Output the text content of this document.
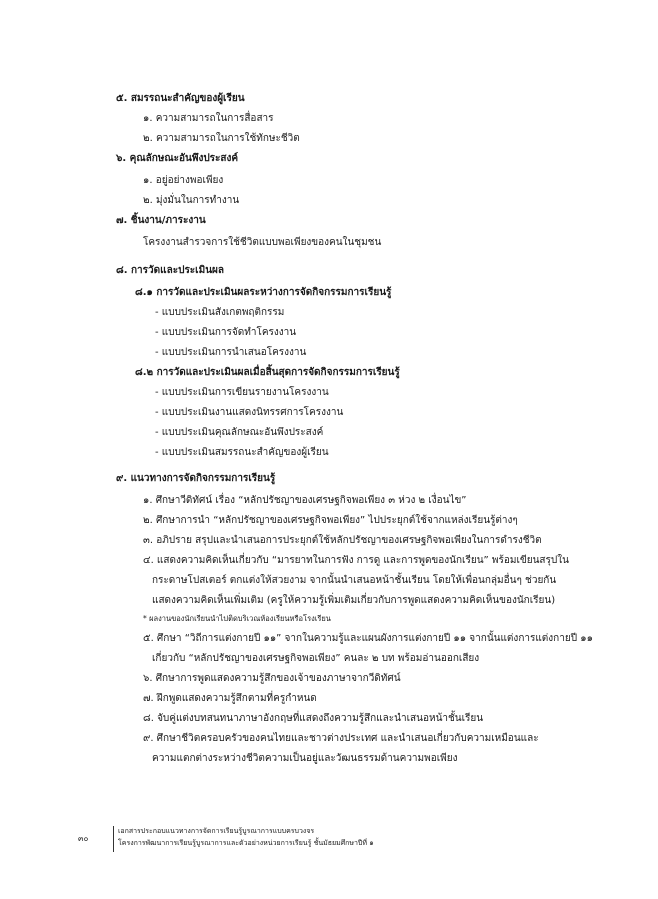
๕. สมรรถนะสำคัญของผู้เรียน
๑. ความสามารถในการสื่อสาร
๒. ความสามารถในการใช้ทักษะชีวิต
๖. คุณลักษณะอันพึงประสงค์
๑. อยู่อย่างพอเพียง
๒. มุ่งมั่นในการทำงาน
๗. ชิ้นงาน/ภาระงาน
โครงงานสำรวจการใช้ชีวิตแบบพอเพียงของคนในชุมชน
๘. การวัดและประเมินผล
๘.๑ การวัดและประเมินผลระหว่างการจัดกิจกรรมการเรียนรู้
- แบบประเมินสังเกตพฤติกรรม
- แบบประเมินการจัดทำโครงงาน
- แบบประเมินการนำเสนอโครงงาน
๘.๒ การวัดและประเมินผลเมื่อสิ้นสุดการจัดกิจกรรมการเรียนรู้
- แบบประเมินการเขียนรายงานโครงงาน
- แบบประเมินงานแสดงนิทรรศการโครงงาน
- แบบประเมินคุณลักษณะอันพึงประสงค์
- แบบประเมินสมรรถนะสำคัญของผู้เรียน
๙. แนวทางการจัดกิจกรรมการเรียนรู้
๑. ศึกษาวีดิทัศน์ เรื่อง “หลักปรัชญาของเศรษฐกิจพอเพียง ๓ ห่วง ๒ เงื่อนไข”
๒. ศึกษาการนำ “หลักปรัชญาของเศรษฐกิจพอเพียง” ไปประยุกต์ใช้จากแหล่งเรียนรู้ต่างๆ
๓. อภิปราย สรุปและนำเสนอการประยุกต์ใช้หลักปรัชญาของเศรษฐกิจพอเพียงในการดำรงชีวิต
๔. แสดงความคิดเห็นเกี่ยวกับ “มารยาทในการฟัง การดู และการพูดของนักเรียน” พร้อมเขียนสรุปใน
กระดาษโปสเตอร์ ตกแต่งให้สวยงาม จากนั้นนำเสนอหน้าชั้นเรียน โดยให้เพื่อนกลุ่มอื่นๆ ช่วยกัน
แสดงความคิดเห็นเพิ่มเติม (ครูให้ความรู้เพิ่มเติมเกี่ยวกับการพูดแสดงความคิดเห็นของนักเรียน)
* ผลงานของนักเรียนนำไปติดบริเวณห้องเรียนหรือโรงเรียน
๕. ศึกษา “วิถีการแต่งกายปี ๑๑” จากในความรู้และแผนผังการแต่งกายปี ๑๑ จากนั้นแต่งการแต่งกายปี ๑๑
เกี่ยวกับ “หลักปรัชญาของเศรษฐกิจพอเพียง” คนละ ๒ บท พร้อมอ่านออกเสียง
๖. ศึกษาการพูดแสดงความรู้สึกของเจ้าของภาษาจากวีดิทัศน์
๗. ฝึกพูดแสดงความรู้สึกตามที่ครูกำหนด
๘. จับคู่แต่งบทสนทนาภาษาอังกฤษที่แสดงถึงความรู้สึกและนำเสนอหน้าชั้นเรียน
๙. ศึกษาชีวิตครอบครัวของคนไทยและชาวต่างประเทศ และนำเสนอเกี่ยวกับความเหมือนและ
ความแตกต่างระหว่างชีวิตความเป็นอยู่และวัฒนธรรมด้านความพอเพียง
๓๐
เอกสารประกอบแนวทางการจัดการเรียนรู้บูรณาการแบบครบวงจร
โครงการพัฒนาการเรียนรู้บูรณาการและตัวอย่างหน่วยการเรียนรู้ ชั้นมัธยมศึกษาปีที่ ๑
